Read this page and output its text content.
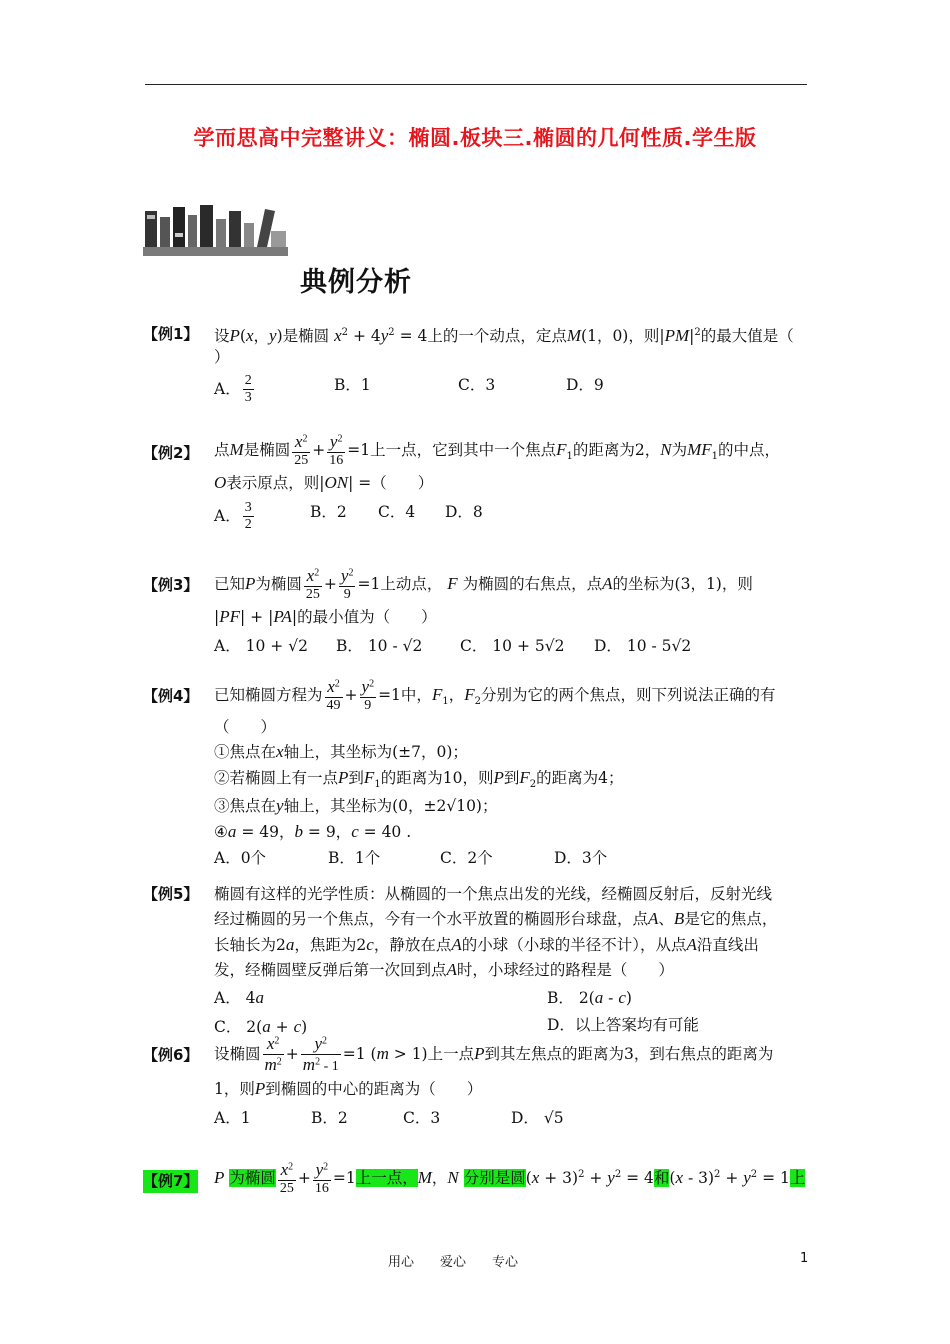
学而思高中完整讲义：椭圆.板块三.椭圆的几何性质.学生版
典例分析
【例1】 设P(x，y)是椭圆 $x^2 + 4y^2 = 4$上的一个动点，定点M(1，0)，则$|PM|^2$的最大值是（
）
A． $\frac{2}{3}$	B．1	C．3	D．9
【例2】 点M是椭圆 $\frac{x^2}{25} + \frac{y^2}{16} =1$上一点，它到其中一个焦点$F_1$的距离为2，N为$MF_1$的中点，
O表示原点，则|ON| =（　　）
A． $\frac{3}{2}$	B．2	C．4	D．8
【例3】 已知P为椭圆 $\frac{x^2}{25} + \frac{y^2}{9} =1$上动点， F 为椭圆的右焦点，点A的坐标为(3，1)，则
|PF| + |PA|的最小值为（　　）
A． 10 + √2	B． 10 - √2	C． 10 + 5√2	D． 10 - 5√2
【例4】 已知椭圆方程为 $\frac{x^2}{49} + \frac{y^2}{9} =1$中，$F_1$，$F_2$分别为它的两个焦点，则下列说法正确的有
（　　）
①焦点在x轴上，其坐标为(±7，0)；
②若椭圆上有一点P到$F_1$的距离为10，则P到$F_2$的距离为4；
③焦点在y轴上，其坐标为(0，±2√10)；
④a = 49，b = 9，c = 40 .
A．0个	B．1个	C．2个	D．3个
【例5】 椭圆有这样的光学性质：从椭圆的一个焦点出发的光线，经椭圆反射后，反射光线
经过椭圆的另一个焦点，今有一个水平放置的椭圆形台球盘，点A、B是它的焦点，
长轴长为2a，焦距为2c，静放在点A的小球（小球的半径不计），从点A沿直线出
发，经椭圆壁反弹后第一次回到点A时，小球经过的路程是（　　）
A． 4a	B． 2(a - c)
C． 2(a + c)	D．以上答案均有可能
【例6】 设椭圆 $\frac{x^2}{m^2} + \frac{y^2}{m^2 - 1} =1$ (m > 1)上一点P到其左焦点的距离为3，到右焦点的距离为
1，则P到椭圆的中心的距离为（　　）
A．1	B．2	C．3	D． √5
【例7】 P 为椭圆 $\frac{x^2}{25} + \frac{y^2}{16} =1$上一点，M，N 分别是圆$(x + 3)^2 + y^2 = 4$和$(x - 3)^2 + y^2 = 1$上
用心　　爱心　　专心	1
